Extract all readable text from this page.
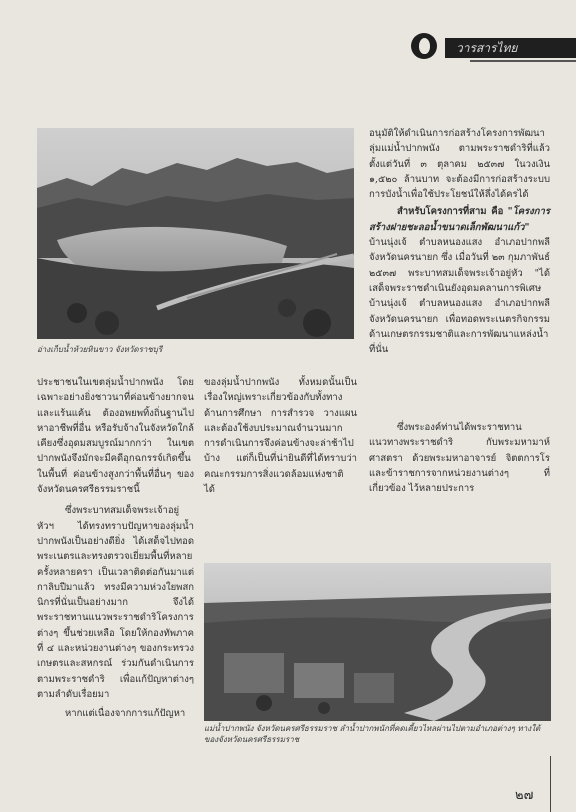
วารสารไทย
อ่างเก็บน้ำห้วยหินขาว จังหวัดราชบุรี

อนุมัติให้ดำเนินการก่อสร้างโครงการพัฒนาลุ่มแม่น้ำปากพนัง ตามพระราชดำริที่แล้ว ตั้งแต่วันที่ ๓ ตุลาคม ๒๕๓๗ ในวงเงิน ๑,๕๒๐ ล้านบาท จะต้องมีการก่อสร้างระบบการบังน้ำเพื่อใช้ประโยชน์ให้ลึ่งได้ครได้

สำหรับโครงการที่สาม คือ "โครงการสร้างฝายชะลอน้ำขนาดเล็กพัฒนาแก้ว" บ้านนุ่งเจ้ ตำบลหนองแสง อำเภอปากพลี จังหวัดนครนายก ซึ่ง เมื่อวันที่ ๒๓ กุมภาพันธ์ ๒๕๓๗ พระบาทสมเด็จพระเจ้าอยู่หัว "ได้เสด็จพระราชดำเนินยังอุดมคลานการพิเศษบ้านนุ่งเจ้ ตำบลหนองแสง อำเภอปากพลี จังหวัดนครนายก เพื่อทอดพระเนตรกิจกรรมด้านเกษตรกรรมชาติและการพัฒนาแหล่งน้ำที่นั่น

ซึ่งพระองค์ท่านได้พระราชทานแนวทางพระราชดำริ กับพระมหามาห์ศาสตรา ด้วยพระมหาอาจารย์ จิตตการโรและข้าราชการจากหน่วยงานต่างๆ ที่เกี่ยวข้อง ไว้หลายประการ

ประชาชนในเขตลุ่มน้ำปากพนัง โดยเฉพาะอย่างยิ่งชาวนาที่ค่อนข้างยากจนและแร้นแค้น ต้องอพยพทิ้งถิ่นฐานไปหาอาชีพที่อื่น หรือรับจ้างในจังหวัดใกล้เคียงซึ่งอุดมสมบูรณ์มากกว่า ในเขตปากพนังจึงมักจะมีคดีอุกฉกรรจ์เกิดขึ้นในพื้นที่ ค่อนข้างสูงกว่าพื้นที่อื่นๆ ของจังหวัดนครศรีธรรมราชนี้

ซึ่งพระบาทสมเด็จพระเจ้าอยู่หัวฯ ได้ทรงทราบปัญหาของลุ่มน้ำปากพนังเป็นอย่างดียิ่ง ได้เสด็จไปทอดพระเนตรและทรงตรวจเยี่ยมพื้นที่หลายครั้งหลายครา เป็นเวลาติดต่อกันมาแต่กาลิบปีมาแล้ว ทรงมีความห่วงใยพสกนิกรที่นั่นเป็นอย่างมาก จึงได้พระราชทานแนวพระราชดำริโครงการต่างๆ ขึ้นช่วยเหลือ โดยให้กองทัพภาคที่ ๔ และหน่วยงานต่างๆ ของกระทรวงเกษตรและสหกรณ์ ร่วมกันดำเนินการตามพระราชดำริ เพื่อแก้ปัญหาต่างๆ ตามลำดับเรื่อยมา

หากแต่เนื่องจากการแก้ปัญหา

ของลุ่มน้ำปากพนัง ทั้งหมดนั้นเป็นเรื่องใหญ่เพราะเกี่ยวข้องกับทั้งทางด้านการศึกษา การสำรวจ วางแผนและต้องใช้งบประมาณจำนวนมาก การดำเนินการจึงค่อนข้างจะล่าช้าไปบ้าง แต่ก็เป็นที่น่ายินดีที่ได้ทราบว่า คณะกรรมการสิ่งแวดล้อมแห่งชาติ ได้

แม่น้ำปากพนัง จังหวัดนครศรีธรรมราช ลำน้ำปากพนักที่คดเคี้ยวไหลผ่านไปตามอำเภอต่างๆ ทางใต้ของจังหวัดนครศรีธรรมราช
๒๗
